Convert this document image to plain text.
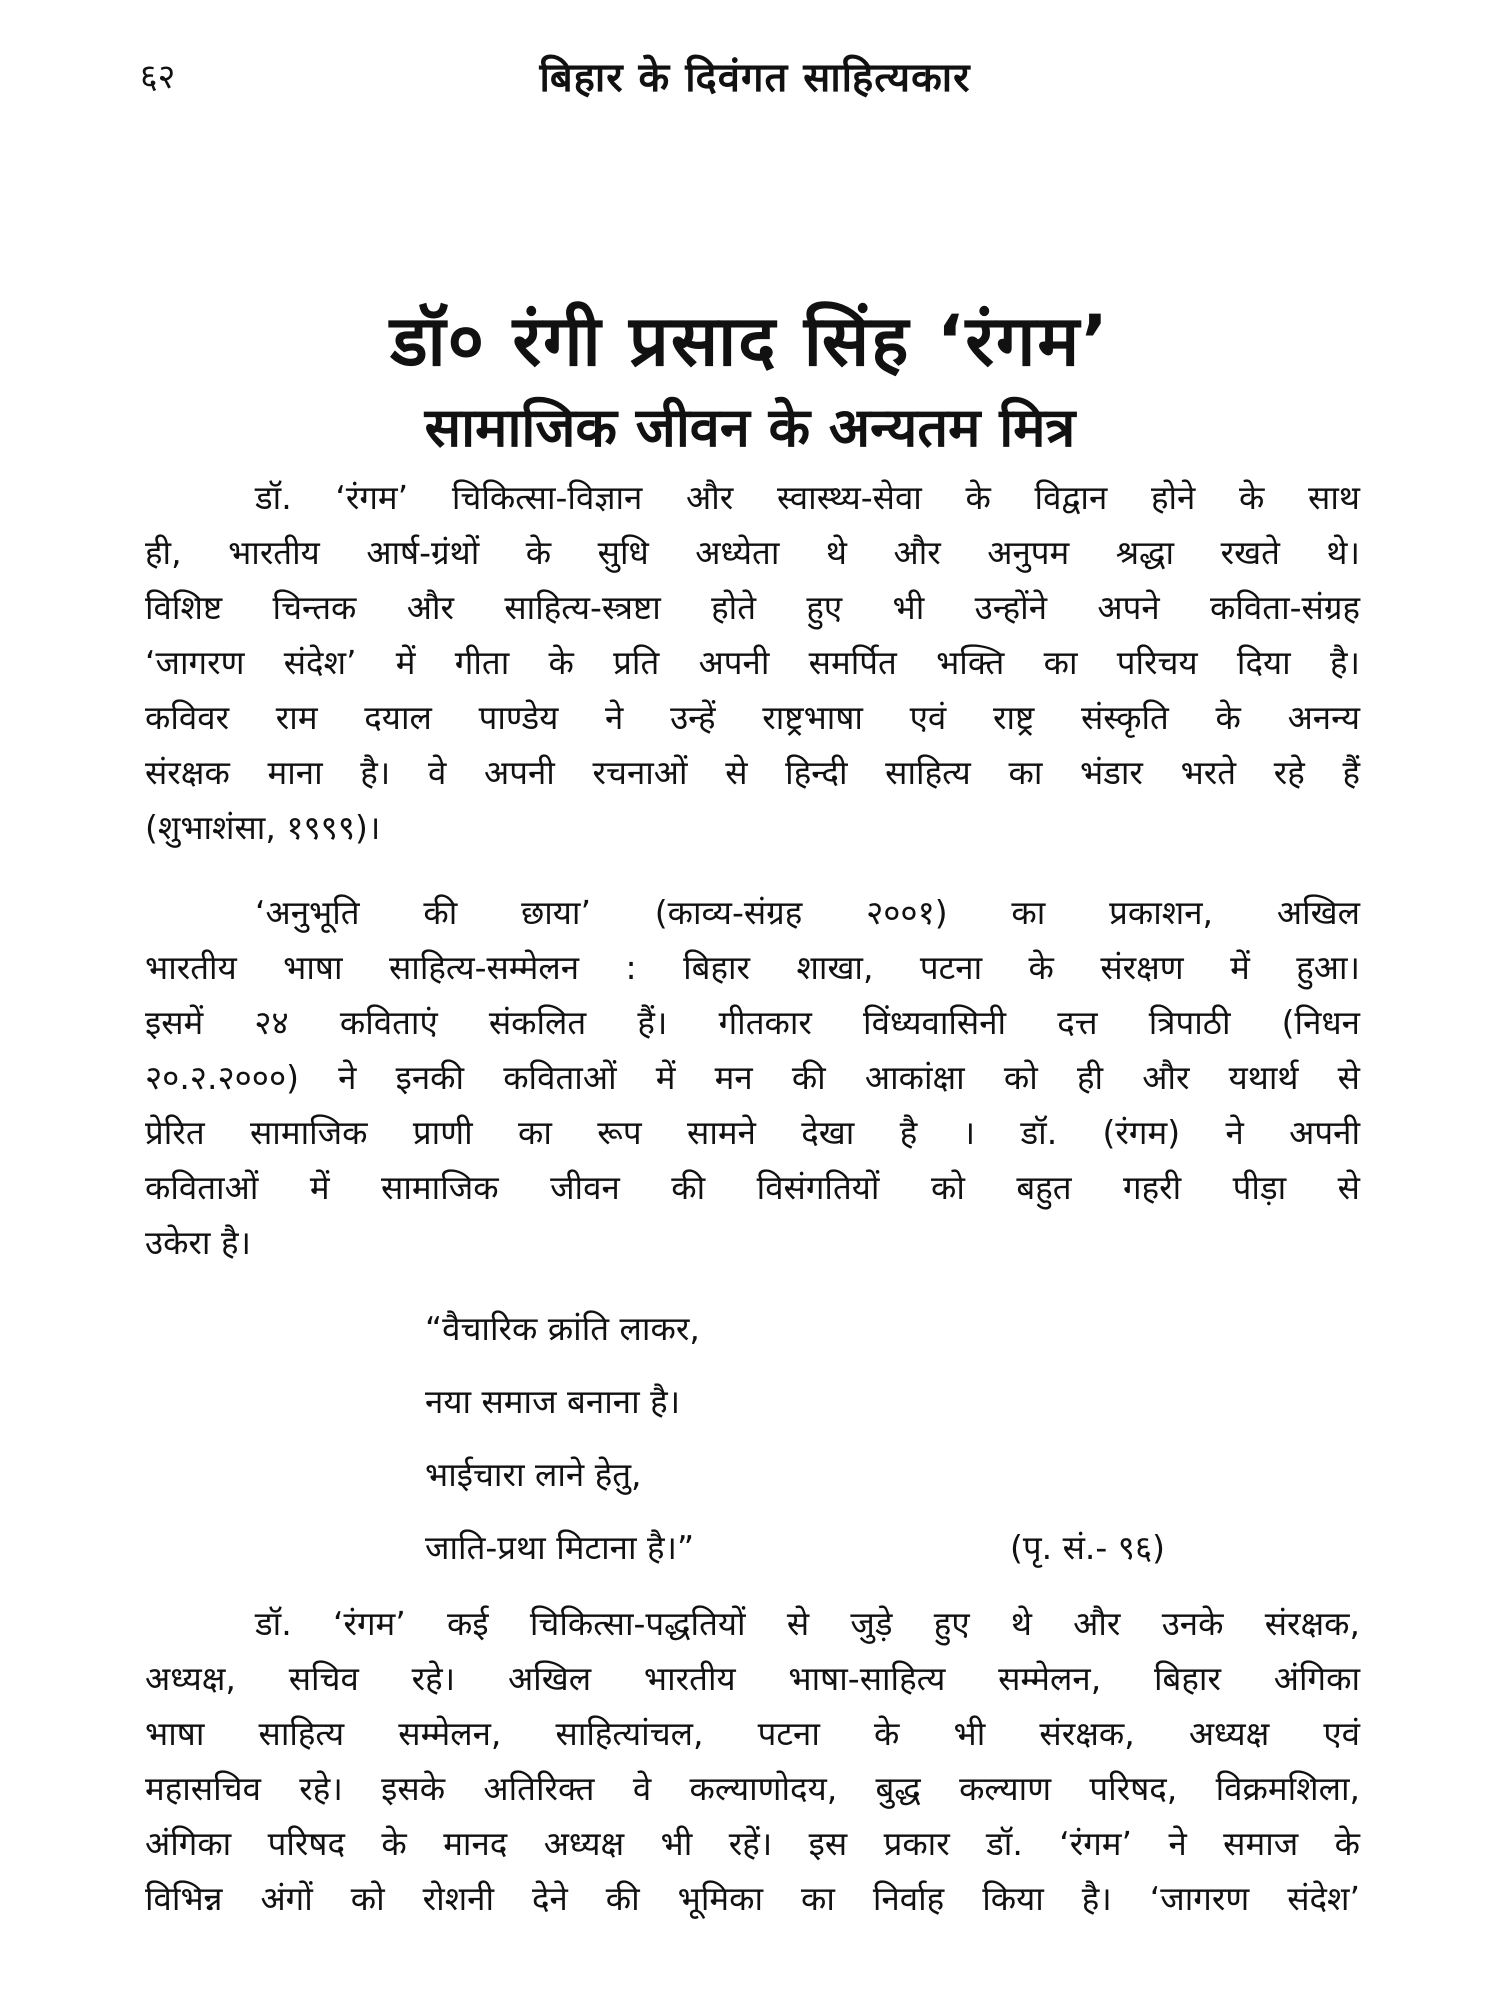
६२	बिहार के दिवंगत साहित्यकार
डॉ० रंगी प्रसाद सिंह ‘रंगम’
सामाजिक जीवन के अन्यतम मित्र
डॉ. ‘रंगम’ चिकित्सा-विज्ञान और स्वास्थ्य-सेवा के विद्वान होने के साथ
ही, भारतीय आर्ष-ग्रंथों के सुधि अध्येता थे और अनुपम श्रद्धा रखते थे।
विशिष्ट चिन्तक और साहित्य-स्त्रष्टा होते हुए भी उन्होंने अपने कविता-संग्रह
‘जागरण संदेश’ में गीता के प्रति अपनी समर्पित भक्ति का परिचय दिया है।
कविवर राम दयाल पाण्डेय ने उन्हें राष्ट्रभाषा एवं राष्ट्र संस्कृति के अनन्य
संरक्षक माना है। वे अपनी रचनाओं से हिन्दी साहित्य का भंडार भरते रहे हैं
(शुभाशंसा, १९९९)।
‘अनुभूति की छाया’ (काव्य-संग्रह २००१) का प्रकाशन, अखिल
भारतीय भाषा साहित्य-सम्मेलन : बिहार शाखा, पटना के संरक्षण में हुआ।
इसमें २४ कविताएं संकलित हैं। गीतकार विंध्यवासिनी दत्त त्रिपाठी (निधन
२०.२.२०००) ने इनकी कविताओं में मन की आकांक्षा को ही और यथार्थ से
प्रेरित सामाजिक प्राणी का रूप सामने देखा है । डॉ. (रंगम) ने अपनी
कविताओं में सामाजिक जीवन की विसंगतियों को बहुत गहरी पीड़ा से
उकेरा है।
“वैचारिक क्रांति लाकर,
नया समाज बनाना है।
भाईचारा लाने हेतु,
जाति-प्रथा मिटाना है।”	(पृ. सं.- ९६)
डॉ. ‘रंगम’ कई चिकित्सा-पद्धतियों से जुड़े हुए थे और उनके संरक्षक,
अध्यक्ष, सचिव रहे। अखिल भारतीय भाषा-साहित्य सम्मेलन, बिहार अंगिका
भाषा साहित्य सम्मेलन, साहित्यांचल, पटना के भी संरक्षक, अध्यक्ष एवं
महासचिव रहे। इसके अतिरिक्त वे कल्याणोदय, बुद्ध कल्याण परिषद, विक्रमशिला,
अंगिका परिषद के मानद अध्यक्ष भी रहें। इस प्रकार डॉ. ‘रंगम’ ने समाज के
विभिन्न अंगों को रोशनी देने की भूमिका का निर्वाह किया है। ‘जागरण संदेश’
